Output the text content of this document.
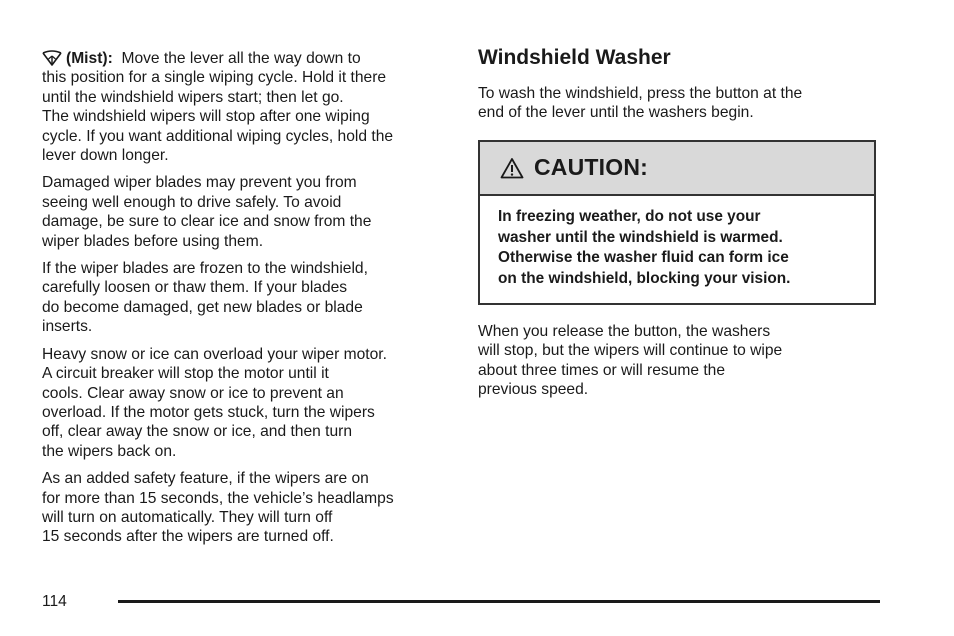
(Mist): Move the lever all the way down to
this position for a single wiping cycle. Hold it there
until the windshield wipers start; then let go.
The windshield wipers will stop after one wiping
cycle. If you want additional wiping cycles, hold the
lever down longer.

Damaged wiper blades may prevent you from
seeing well enough to drive safely. To avoid
damage, be sure to clear ice and snow from the
wiper blades before using them.

If the wiper blades are frozen to the windshield,
carefully loosen or thaw them. If your blades
do become damaged, get new blades or blade
inserts.

Heavy snow or ice can overload your wiper motor.
A circuit breaker will stop the motor until it
cools. Clear away snow or ice to prevent an
overload. If the motor gets stuck, turn the wipers
off, clear away the snow or ice, and then turn
the wipers back on.

As an added safety feature, if the wipers are on
for more than 15 seconds, the vehicle’s headlamps
will turn on automatically. They will turn off
15 seconds after the wipers are turned off.

Windshield Washer

To wash the windshield, press the button at the
end of the lever until the washers begin.

CAUTION:

In freezing weather, do not use your
washer until the windshield is warmed.
Otherwise the washer fluid can form ice
on the windshield, blocking your vision.

When you release the button, the washers
will stop, but the wipers will continue to wipe
about three times or will resume the
previous speed.

114
